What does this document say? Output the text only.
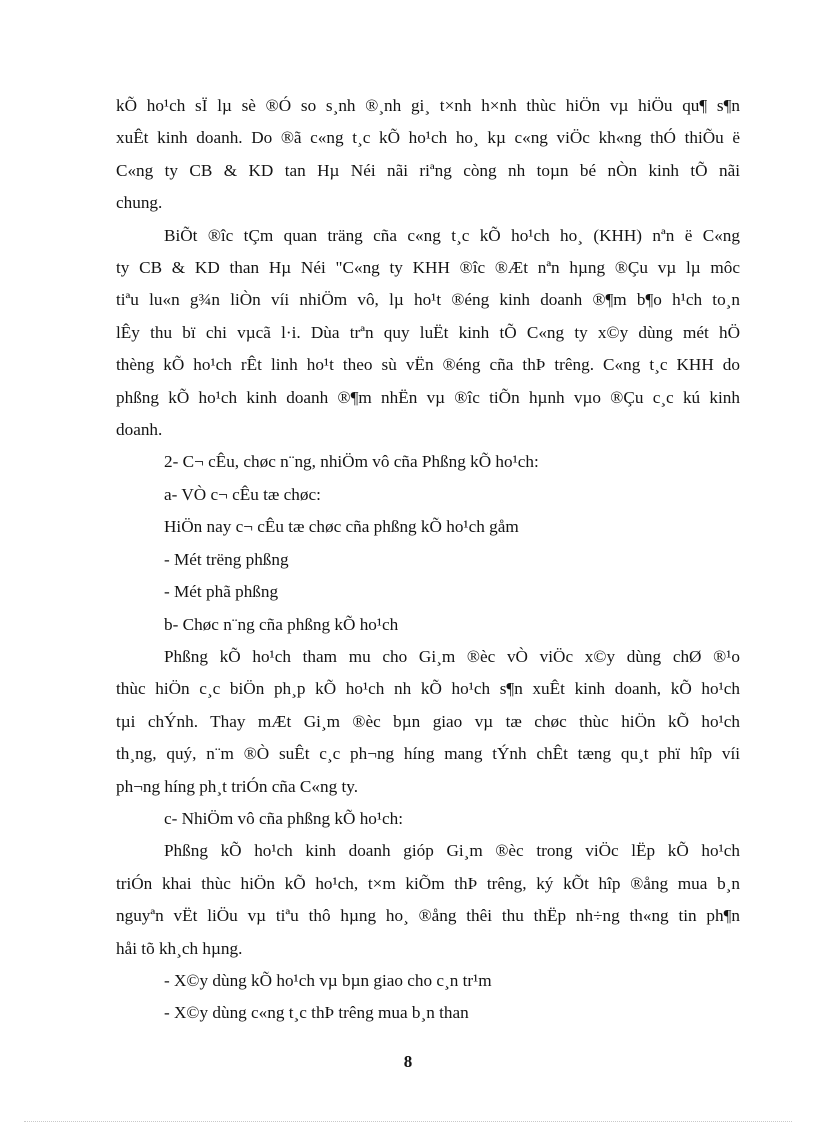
kÕ ho¹ch sÏ lµ sè ®Ó so s¸nh ®¸nh gi¸ t×nh h×nh thùc hiÖn vµ hiÖu qu¶ s¶n

xuÊt kinh doanh. Do ®ã c«ng t¸c kÕ ho¹ch ho¸ kµ c«ng viÖc kh«ng thÓ thiÕu ë

C«ng ty CB & KD tan Hµ Néi nãi riªng còng nh toµn bé nÒn kinh tÕ nãi

chung.

BiÕt ®îc tÇm quan träng cña c«ng t¸c kÕ ho¹ch ho¸ (KHH) nªn ë C«ng

ty CB & KD than Hµ Néi "C«ng ty KHH ®îc ®Æt nªn hµng ®Çu vµ lµ môc

tiªu lu«n g¾n liÒn víi nhiÖm vô, lµ ho¹t ®éng kinh doanh ®¶m b¶o h¹ch to¸n

lÊy thu bï chi vµcã l·i. Dùa trªn quy luËt kinh tÕ C«ng ty x©y dùng mét hÖ

thèng kÕ ho¹ch rÊt linh ho¹t theo sù vËn ®éng cña thÞ trêng. C«ng t¸c KHH do

phßng kÕ ho¹ch kinh doanh ®¶m nhËn vµ ®îc tiÕn hµnh vµo ®Çu c¸c kú kinh

doanh.

2- C¬ cÊu, chøc n¨ng, nhiÖm vô cña Phßng kÕ ho¹ch:

a- VÒ c¬ cÊu tæ chøc:

HiÖn nay c¬ cÊu tæ chøc cña phßng kÕ ho¹ch gåm

- Mét trëng phßng

- Mét phã phßng

b- Chøc n¨ng cña phßng kÕ ho¹ch

Phßng kÕ ho¹ch tham mu cho Gi¸m ®èc vÒ viÖc x©y dùng chØ ®¹o

thùc hiÖn c¸c biÖn ph¸p kÕ ho¹ch nh kÕ ho¹ch s¶n xuÊt kinh doanh, kÕ ho¹ch

tµi chÝnh. Thay mÆt Gi¸m ®èc bµn giao vµ tæ chøc thùc hiÖn kÕ ho¹ch

th¸ng, quý, n¨m ®Ò suÊt c¸c ph¬ng híng mang tÝnh chÊt tæng qu¸t phï hîp víi

ph¬ng híng ph¸t triÓn cña C«ng ty.

c- NhiÖm vô cña phßng kÕ ho¹ch:

Phßng kÕ ho¹ch kinh doanh gióp Gi¸m ®èc trong viÖc lËp kÕ ho¹ch

triÓn khai thùc hiÖn kÕ ho¹ch, t×m kiÕm thÞ trêng, ký kÕt hîp ®ång mua b¸n

nguyªn vËt liÖu vµ tiªu thô hµng ho¸ ®ång thêi thu thËp nh÷ng th«ng tin ph¶n

håi tõ kh¸ch hµng.

- X©y dùng kÕ ho¹ch vµ bµn giao cho c¸n tr¹m

- X©y dùng c«ng t¸c thÞ trêng mua b¸n than

8
